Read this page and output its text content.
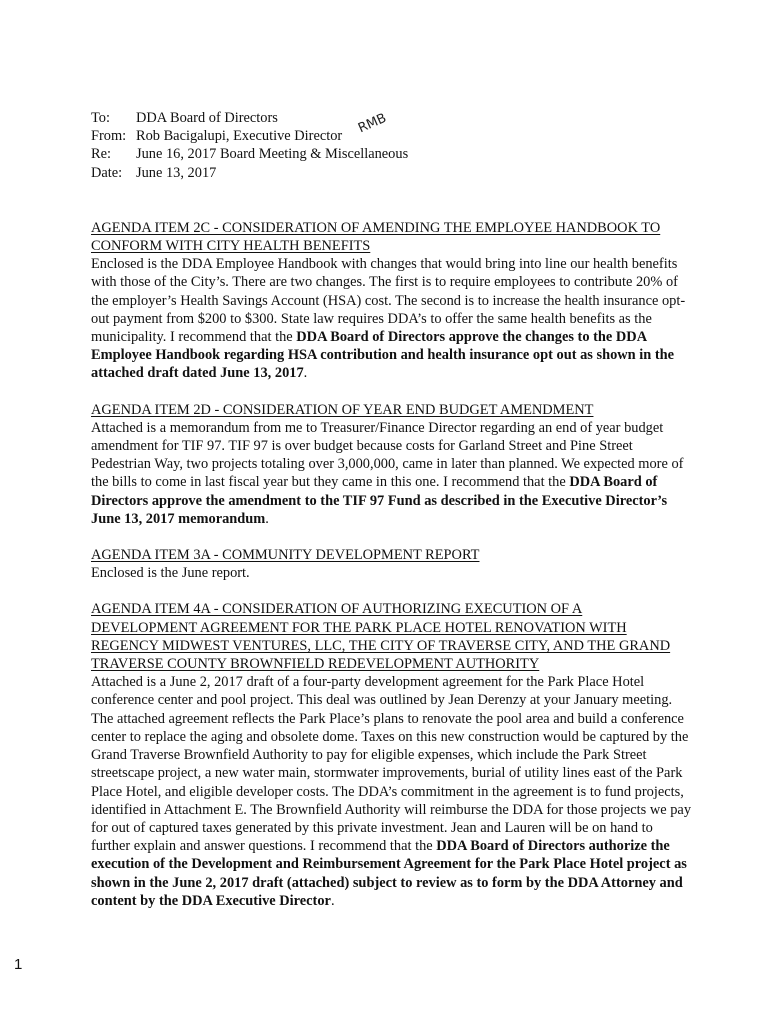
To:	DDA Board of Directors
From: Rob Bacigalupi, Executive Director RMB
Re:	June 16, 2017 Board Meeting & Miscellaneous
Date: June 13, 2017
AGENDA ITEM 2C - CONSIDERATION OF AMENDING THE EMPLOYEE HANDBOOK TO CONFORM WITH CITY HEALTH BENEFITS
Enclosed is the DDA Employee Handbook with changes that would bring into line our health benefits with those of the City’s. There are two changes. The first is to require employees to contribute 20% of the employer’s Health Savings Account (HSA) cost. The second is to increase the health insurance opt-out payment from $200 to $300. State law requires DDA’s to offer the same health benefits as the municipality. I recommend that the DDA Board of Directors approve the changes to the DDA Employee Handbook regarding HSA contribution and health insurance opt out as shown in the attached draft dated June 13, 2017.
AGENDA ITEM 2D - CONSIDERATION OF YEAR END BUDGET AMENDMENT
Attached is a memorandum from me to Treasurer/Finance Director regarding an end of year budget amendment for TIF 97. TIF 97 is over budget because costs for Garland Street and Pine Street Pedestrian Way, two projects totaling over 3,000,000, came in later than planned. We expected more of the bills to come in last fiscal year but they came in this one. I recommend that the DDA Board of Directors approve the amendment to the TIF 97 Fund as described in the Executive Director’s June 13, 2017 memorandum.
AGENDA ITEM 3A - COMMUNITY DEVELOPMENT REPORT
Enclosed is the June report.
AGENDA ITEM 4A - CONSIDERATION OF AUTHORIZING EXECUTION OF A DEVELOPMENT AGREEMENT FOR THE PARK PLACE HOTEL RENOVATION WITH REGENCY MIDWEST VENTURES, LLC, THE CITY OF TRAVERSE CITY, AND THE GRAND TRAVERSE COUNTY BROWNFIELD REDEVELOPMENT AUTHORITY
Attached is a June 2, 2017 draft of a four-party development agreement for the Park Place Hotel conference center and pool project. This deal was outlined by Jean Derenzy at your January meeting. The attached agreement reflects the Park Place’s plans to renovate the pool area and build a conference center to replace the aging and obsolete dome. Taxes on this new construction would be captured by the Grand Traverse Brownfield Authority to pay for eligible expenses, which include the Park Street streetscape project, a new water main, stormwater improvements, burial of utility lines east of the Park Place Hotel, and eligible developer costs. The DDA’s commitment in the agreement is to fund projects, identified in Attachment E. The Brownfield Authority will reimburse the DDA for those projects we pay for out of captured taxes generated by this private investment. Jean and Lauren will be on hand to further explain and answer questions. I recommend that the DDA Board of Directors authorize the execution of the Development and Reimbursement Agreement for the Park Place Hotel project as shown in the June 2, 2017 draft (attached) subject to review as to form by the DDA Attorney and content by the DDA Executive Director.
1
